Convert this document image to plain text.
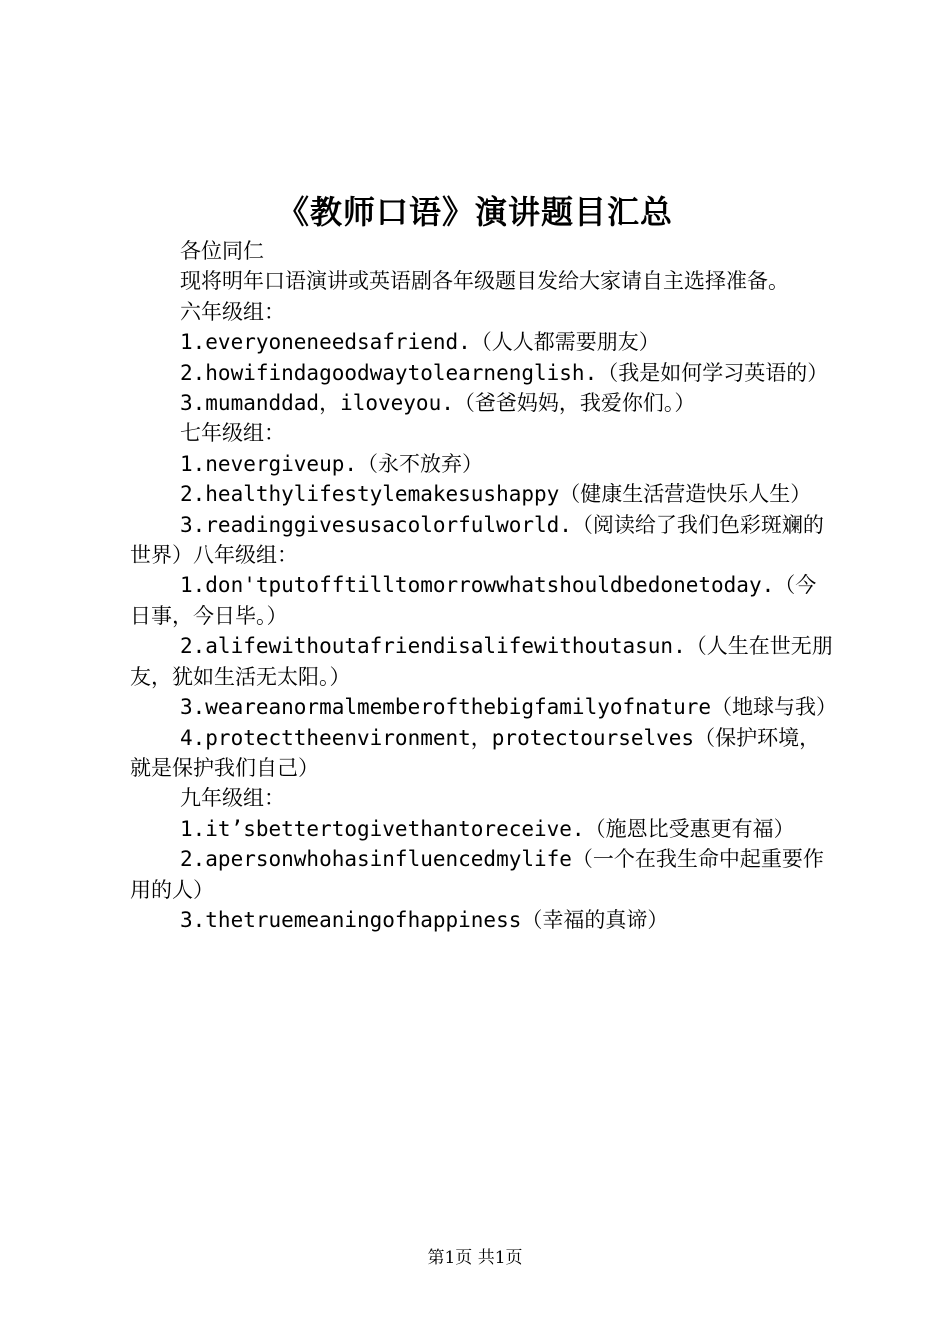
《教师口语》演讲题目汇总

各位同仁

现将明年口语演讲或英语剧各年级题目发给大家请自主选择准备。

六年级组：

1.everyoneneedsafriend.（人人都需要朋友）

2.howifindagoodwaytolearnenglish.（我是如何学习英语的）

3.mumanddad，iloveyou.（爸爸妈妈，我爱你们。）

七年级组：

1.nevergiveup.（永不放弃）

2.healthylifestylemakesushappy（健康生活营造快乐人生）

3.readinggivesusacolorfulworld.（阅读给了我们色彩斑斓的世界）八年级组：

1.don'tputofftilltomorrowwhatshouldbedonetoday.（今日事，今日毕。）

2.alifewithoutafriendisalifewithoutasun.（人生在世无朋友，犹如生活无太阳。）

3.weareanormalmemberofthebigfamilyofnature（地球与我）

4.protecttheenvironment，protectourselves（保护环境，就是保护我们自己）

九年级组：

1.it’sbettertogivethantoreceive.（施恩比受惠更有福）

2.apersonwhohasinfluencedmylife（一个在我生命中起重要作用的人）

3.thetruemeaningofhappiness（幸福的真谛）

第1页 共1页
